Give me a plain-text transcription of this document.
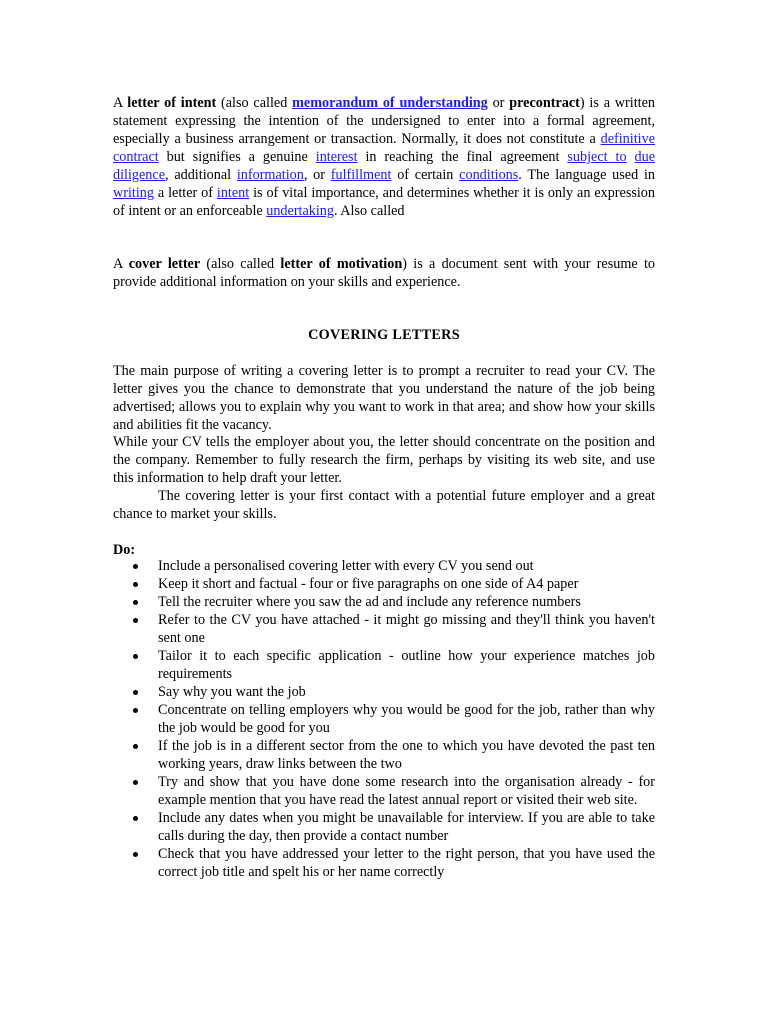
A letter of intent (also called memorandum of understanding or precontract) is a written statement expressing the intention of the undersigned to enter into a formal agreement, especially a business arrangement or transaction. Normally, it does not constitute a definitive contract but signifies a genuine interest in reaching the final agreement subject to due diligence, additional information, or fulfillment of certain conditions. The language used in writing a letter of intent is of vital importance, and determines whether it is only an expression of intent or an enforceable undertaking. Also called

A cover letter (also called letter of motivation) is a document sent with your resume to provide additional information on your skills and experience.

COVERING LETTERS

The main purpose of writing a covering letter is to prompt a recruiter to read your CV. The letter gives you the chance to demonstrate that you understand the nature of the job being advertised; allows you to explain why you want to work in that area; and show how your skills and abilities fit the vacancy.

While your CV tells the employer about you, the letter should concentrate on the position and the company. Remember to fully research the firm, perhaps by visiting its web site, and use this information to help draft your letter.

The covering letter is your first contact with a potential future employer and a great chance to market your skills.

Do:
Include a personalised covering letter with every CV you send out
Keep it short and factual - four or five paragraphs on one side of A4 paper
Tell the recruiter where you saw the ad and include any reference numbers
Refer to the CV you have attached - it might go missing and they'll think you haven't sent one
Tailor it to each specific application - outline how your experience matches job requirements
Say why you want the job
Concentrate on telling employers why you would be good for the job, rather than why the job would be good for you
If the job is in a different sector from the one to which you have devoted the past ten working years, draw links between the two
Try and show that you have done some research into the organisation already - for example mention that you have read the latest annual report or visited their web site.
Include any dates when you might be unavailable for interview. If you are able to take calls during the day, then provide a contact number
Check that you have addressed your letter to the right person, that you have used the correct job title and spelt his or her name correctly
